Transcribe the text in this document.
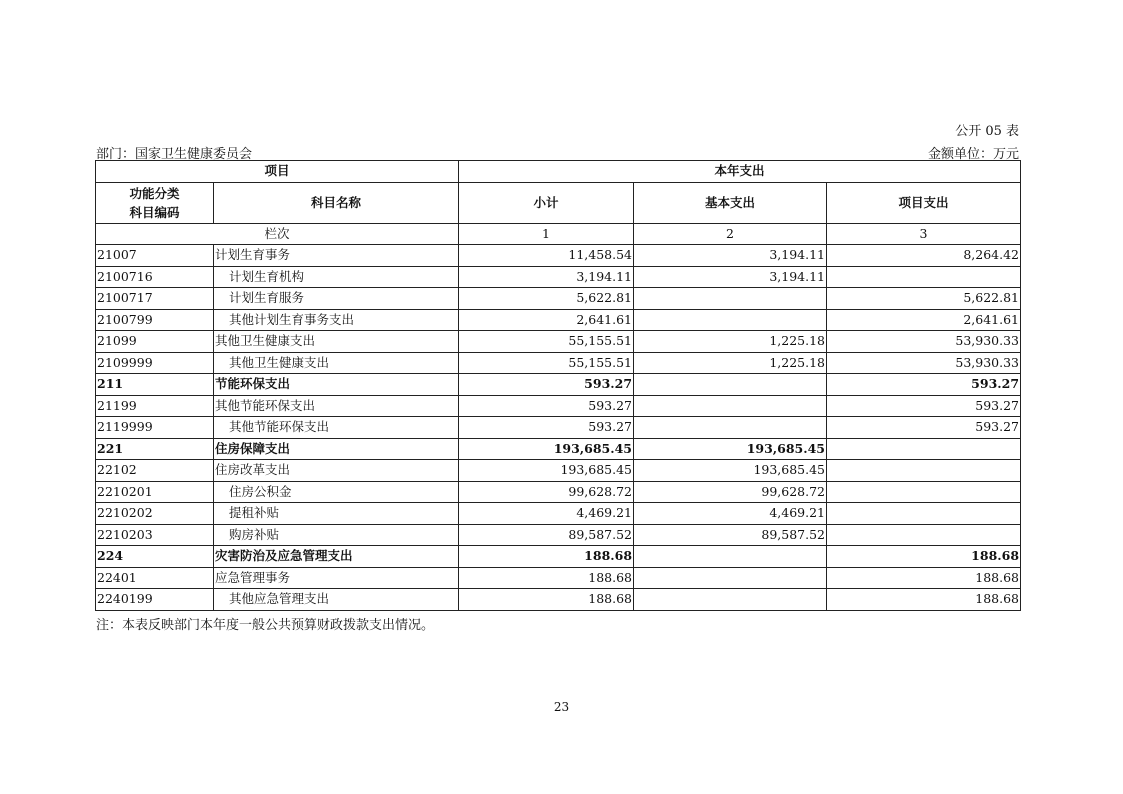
公开 05 表
部门：国家卫生健康委员会	金额单位：万元
项目		本年支出		
功能分类
科目编码	科目名称	小计	基本支出	项目支出
栏次		1	2	3
21007	计划生育事务	11,458.54	3,194.11	8,264.42
2100716	计划生育机构	3,194.11	3,194.11	
2100717	计划生育服务	5,622.81		5,622.81
2100799	其他计划生育事务支出	2,641.61		2,641.61
21099	其他卫生健康支出	55,155.51	1,225.18	53,930.33
2109999	其他卫生健康支出	55,155.51	1,225.18	53,930.33
211	节能环保支出	593.27		593.27
21199	其他节能环保支出	593.27		593.27
2119999	其他节能环保支出	593.27		593.27
221	住房保障支出	193,685.45	193,685.45	
22102	住房改革支出	193,685.45	193,685.45	
2210201	住房公积金	99,628.72	99,628.72	
2210202	提租补贴	4,469.21	4,469.21	
2210203	购房补贴	89,587.52	89,587.52	
224	灾害防治及应急管理支出	188.68		188.68
22401	应急管理事务	188.68		188.68
2240199	其他应急管理支出	188.68		188.68
注：本表反映部门本年度一般公共预算财政拨款支出情况。
23
